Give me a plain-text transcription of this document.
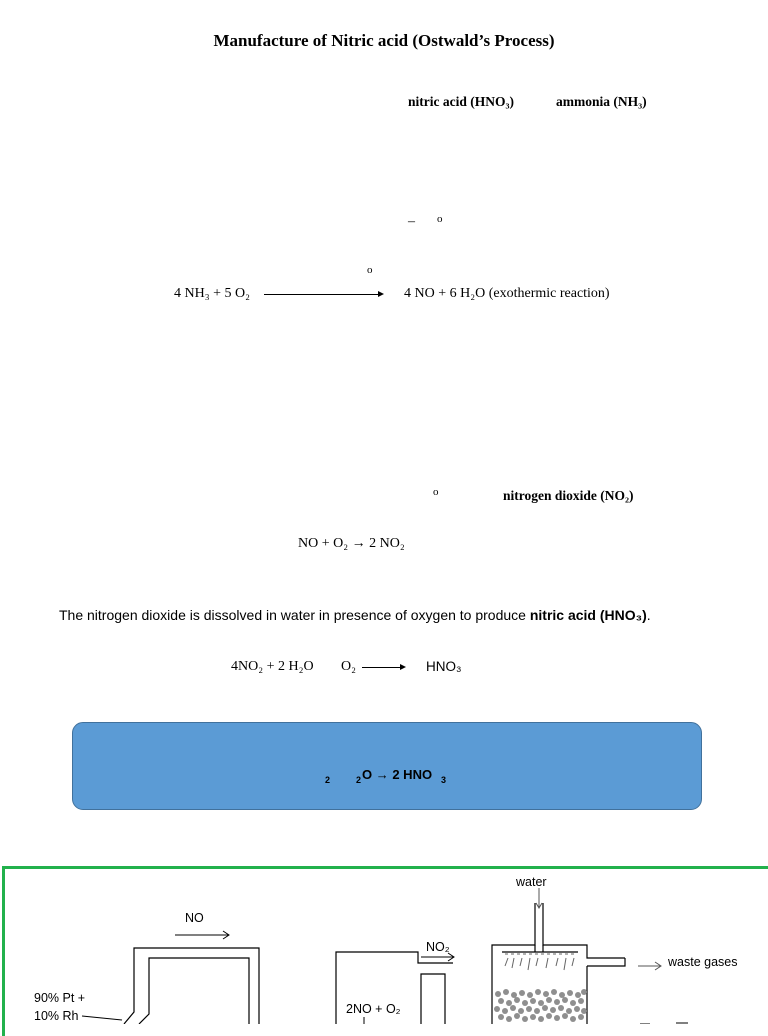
Manufacture of Nitric acid (Ostwald’s Process)
nitric acid (HNO₃)	ammonia (NH₃)
– o
o
4 NH₃ + 5 O₂	4 NO + 6 H₂O (exothermic reaction)
o	nitrogen dioxide (NO₂)
NO + O₂ → 2 NO₂
The nitrogen dioxide is dissolved in water in presence of oxygen to produce nitric acid (HNO₃).
4NO₂ + 2 H₂O O₂	HNO₃
2	2 O → 2 HNO 3
water
NO
NO₂
waste gases
90% Pt +
10% Rh	2NO + O₂
